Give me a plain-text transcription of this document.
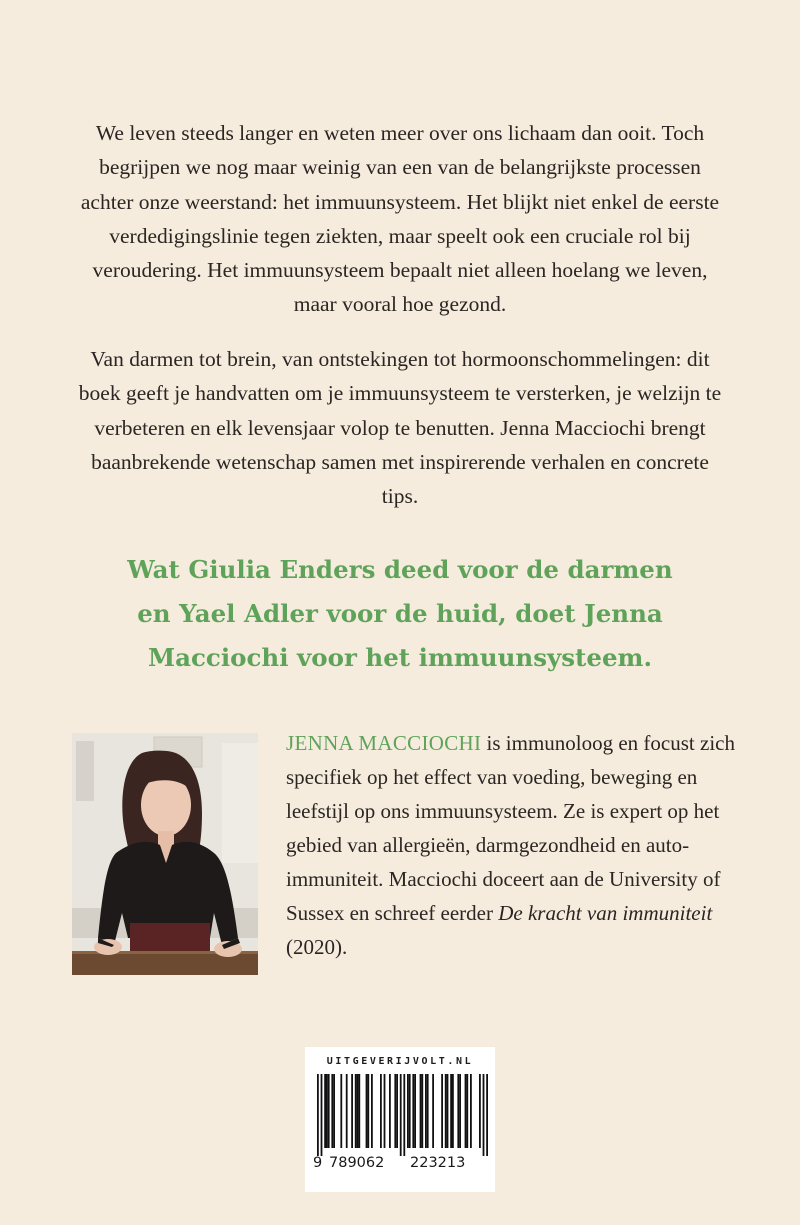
We leven steeds langer en weten meer over ons lichaam dan ooit. Toch begrijpen we nog maar weinig van een van de belangrijkste processen achter onze weerstand: het immuunsysteem. Het blijkt niet enkel de eerste verdedigingslinie tegen ziekten, maar speelt ook een cruciale rol bij veroudering. Het immuunsysteem bepaalt niet alleen hoelang we leven, maar vooral hoe gezond.

Van darmen tot brein, van ontstekingen tot hormoonschommelingen: dit boek geeft je handvatten om je immuunsysteem te versterken, je welzijn te verbeteren en elk levensjaar volop te benutten. Jenna Macciochi brengt baanbrekende wetenschap samen met inspirerende verhalen en concrete tips.

Wat Giulia Enders deed voor de darmen
en Yael Adler voor de huid, doet Jenna
Macciochi voor het immuunsysteem.

JENNA MACCIOCHI is immunoloog en focust zich specifiek op het effect van voeding, beweging en leefstijl op ons immuunsysteem. Ze is expert op het gebied van allergieën, darmgezondheid en auto-immuniteit. Macciochi doceert aan de University of Sussex en schreef eerder De kracht van immuniteit (2020).

UITGEVERIJVOLT.NL
9 789062 223213
